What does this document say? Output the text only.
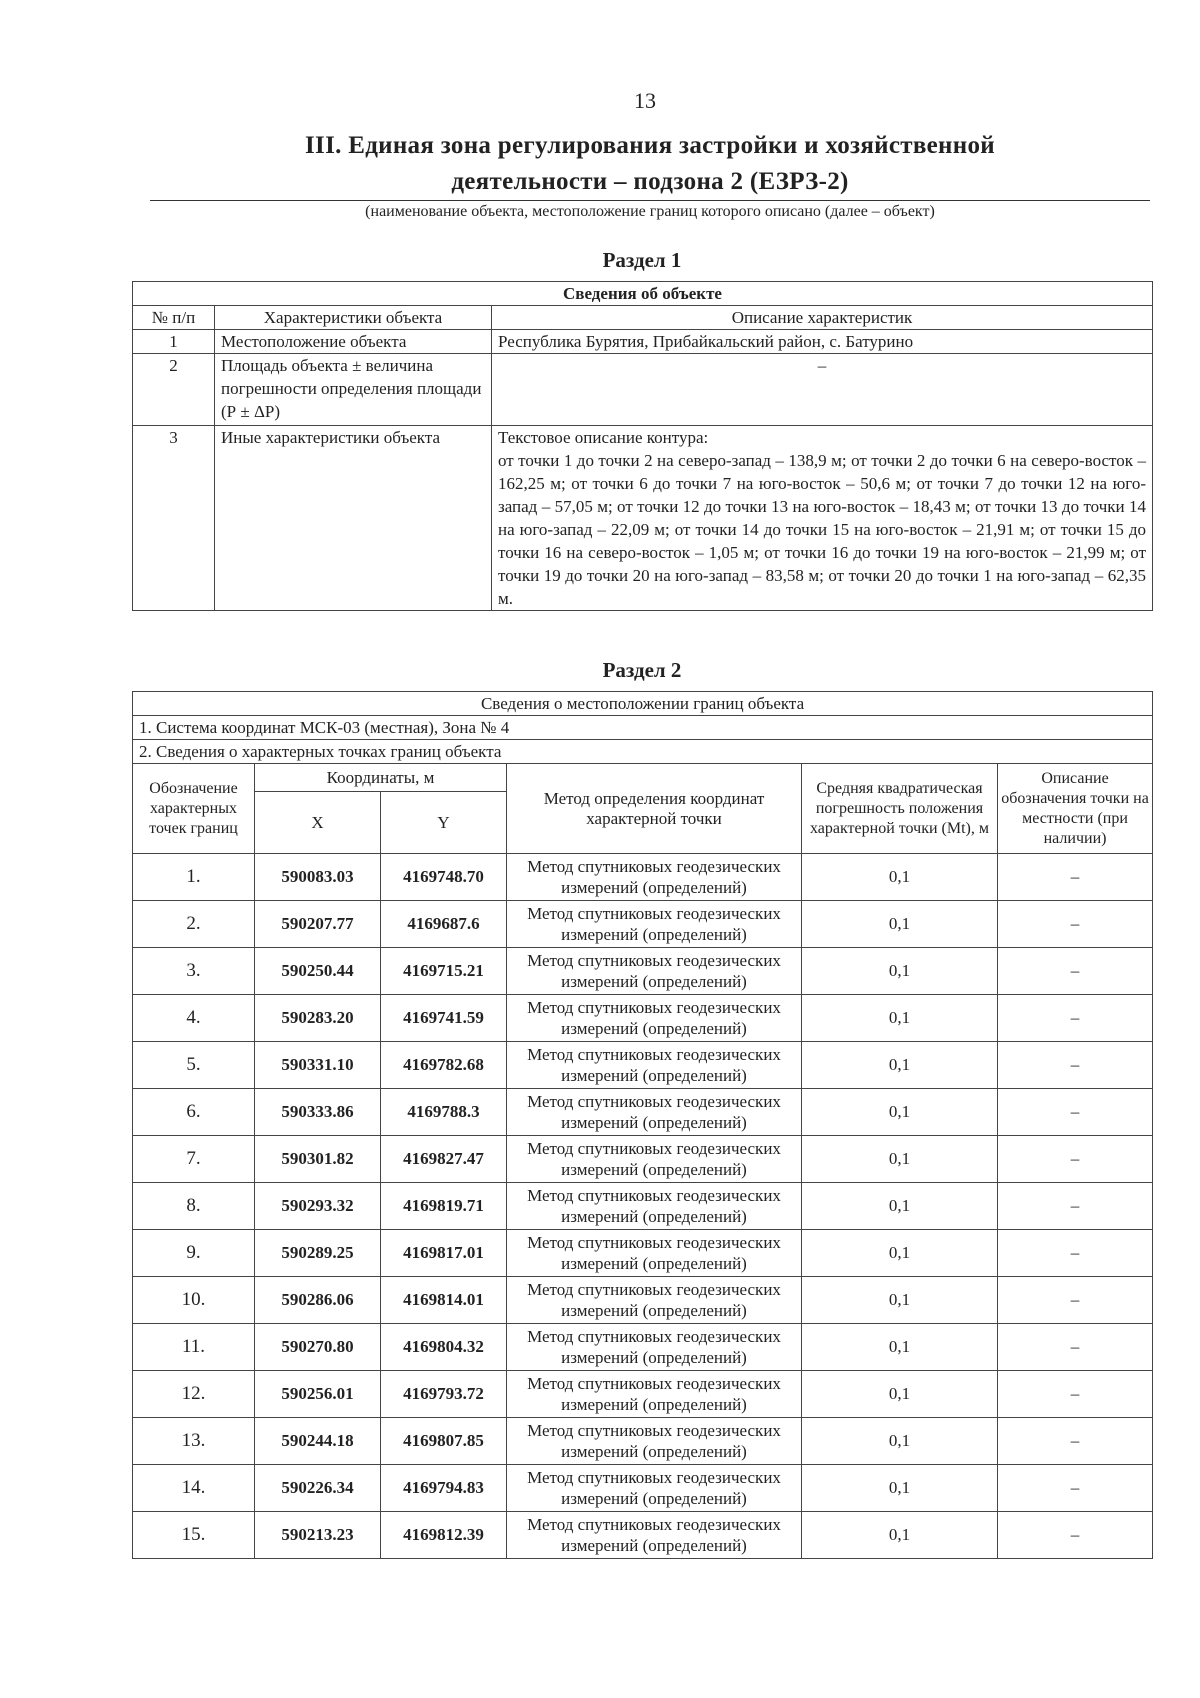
13
III. Единая зона регулирования застройки и хозяйственной
деятельности – подзона 2 (ЕЗРЗ-2)
(наименование объекта, местоположение границ которого описано (далее – объект)
Раздел 1
Сведения об объекте		
№ п/п	Характеристики объекта	Описание характеристик
1	Местоположение объекта	Республика Бурятия, Прибайкальский район, с. Батурино
2	Площадь объекта ± величина погрешности определения площади (Р ± ΔР)	–
3	Иные характеристики объекта	Текстовое описание контура:
от точки 1 до точки 2 на северо-запад – 138,9 м; от точки 2 до точки 6 на северо-восток – 162,25 м; от точки 6 до точки 7 на юго-восток – 50,6 м; от точки 7 до точки 12 на юго-запад – 57,05 м; от точки 12 до точки 13 на юго-восток – 18,43 м; от точки 13 до точки 14 на юго-запад – 22,09 м; от точки 14 до точки 15 на юго-восток – 21,91 м; от точки 15 до точки 16 на северо-восток – 1,05 м; от точки 16 до точки 19 на юго-восток – 21,99 м; от точки 19 до точки 20 на юго-запад – 83,58 м; от точки 20 до точки 1 на юго-запад – 62,35 м.
Раздел 2
Сведения о местоположении границ объекта					
1. Система координат МСК-03 (местная), Зона № 4					
2. Сведения о характерных точках границ объекта					
Обозначение характерных точек границ	Координаты, м		Метод определения координат характерной точки	Средняя квадратическая погрешность положения характерной точки (Mt), м	Описание обозначения точки на местности (при наличии)
	X	Y			
1.	590083.03	4169748.70	Метод спутниковых геодезических измерений (определений)	0,1	–
2.	590207.77	4169687.6	Метод спутниковых геодезических измерений (определений)	0,1	–
3.	590250.44	4169715.21	Метод спутниковых геодезических измерений (определений)	0,1	–
4.	590283.20	4169741.59	Метод спутниковых геодезических измерений (определений)	0,1	–
5.	590331.10	4169782.68	Метод спутниковых геодезических измерений (определений)	0,1	–
6.	590333.86	4169788.3	Метод спутниковых геодезических измерений (определений)	0,1	–
7.	590301.82	4169827.47	Метод спутниковых геодезических измерений (определений)	0,1	–
8.	590293.32	4169819.71	Метод спутниковых геодезических измерений (определений)	0,1	–
9.	590289.25	4169817.01	Метод спутниковых геодезических измерений (определений)	0,1	–
10.	590286.06	4169814.01	Метод спутниковых геодезических измерений (определений)	0,1	–
11.	590270.80	4169804.32	Метод спутниковых геодезических измерений (определений)	0,1	–
12.	590256.01	4169793.72	Метод спутниковых геодезических измерений (определений)	0,1	–
13.	590244.18	4169807.85	Метод спутниковых геодезических измерений (определений)	0,1	–
14.	590226.34	4169794.83	Метод спутниковых геодезических измерений (определений)	0,1	–
15.	590213.23	4169812.39	Метод спутниковых геодезических измерений (определений)	0,1	–
